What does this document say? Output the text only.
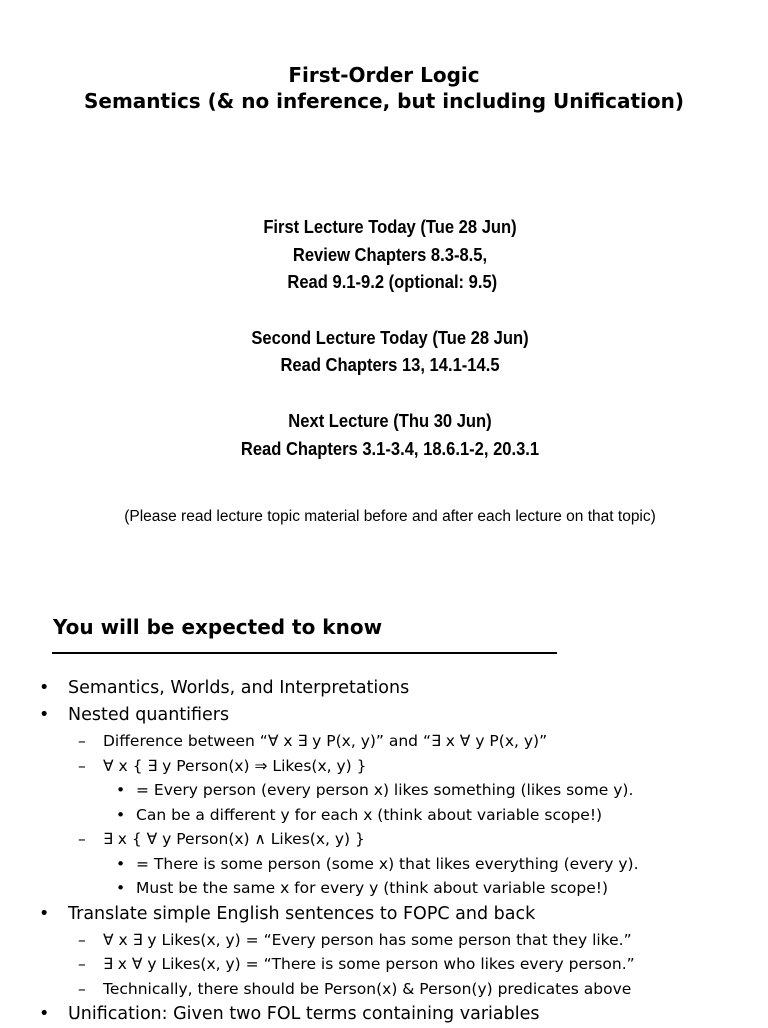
First-Order Logic
Semantics (& no inference, but including Unification)
First Lecture Today (Tue 28 Jun)
Review Chapters 8.3-8.5,
Read 9.1-9.2 (optional: 9.5)
Second Lecture Today (Tue 28 Jun)
Read Chapters 13, 14.1-14.5
Next Lecture (Thu 30 Jun)
Read Chapters 3.1-3.4, 18.6.1-2, 20.3.1
(Please read lecture topic material before and after each lecture on that topic)
You will be expected to know
• Semantics, Worlds, and Interpretations
• Nested quantifiers
– Difference between “∀ x ∃ y P(x, y)” and “∃ x ∀ y P(x, y)”
– ∀ x { ∃ y Person(x) ⇒ Likes(x, y) }
• = Every person (every person x) likes something (likes some y).
• Can be a different y for each x (think about variable scope!)
– ∃ x { ∀ y Person(x) ∧ Likes(x, y) }
• = There is some person (some x) that likes everything (every y).
• Must be the same x for every y (think about variable scope!)
• Translate simple English sentences to FOPC and back
– ∀ x ∃ y Likes(x, y) = “Every person has some person that they like.”
– ∃ x ∀ y Likes(x, y) = “There is some person who likes every person.”
– Technically, there should be Person(x) & Person(y) predicates above
• Unification: Given two FOL terms containing variables
